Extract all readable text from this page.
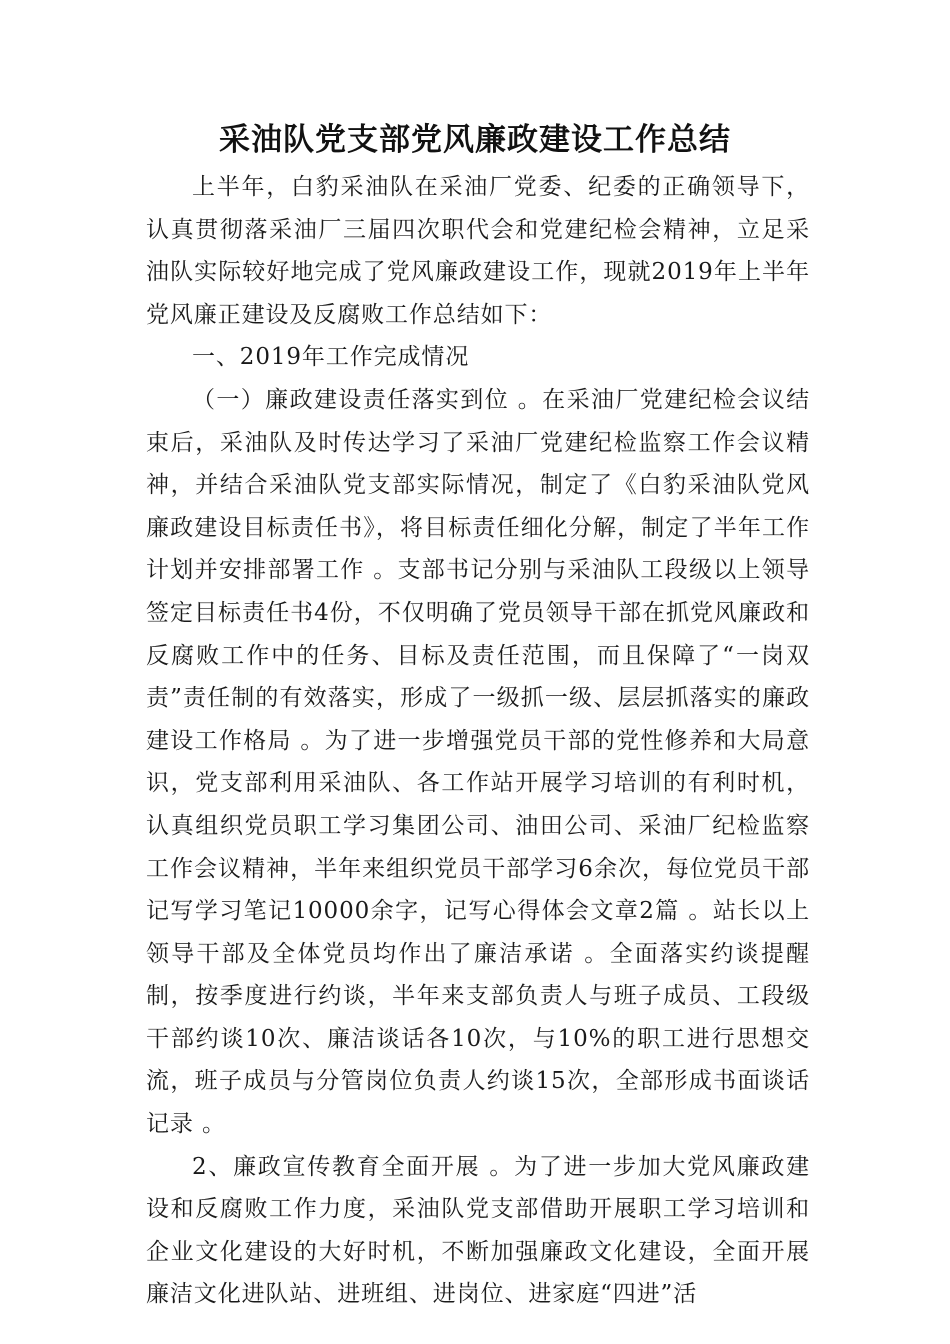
采油队党支部党风廉政建设工作总结

上半年，白豹采油队在采油厂党委、纪委的正确领导下，认真贯彻落采油厂三届四次职代会和党建纪检会精神，立足采油队实际较好地完成了党风廉政建设工作，现就2019年上半年党风廉正建设及反腐败工作总结如下：

一、2019年工作完成情况

（一）廉政建设责任落实到位 。在采油厂党建纪检会议结束后，采油队及时传达学习了采油厂党建纪检监察工作会议精神，并结合采油队党支部实际情况，制定了《白豹采油队党风廉政建设目标责任书》，将目标责任细化分解，制定了半年工作计划并安排部署工作 。支部书记分别与采油队工段级以上领导签定目标责任书4份，不仅明确了党员领导干部在抓党风廉政和反腐败工作中的任务、目标及责任范围，而且保障了“一岗双责”责任制的有效落实，形成了一级抓一级、层层抓落实的廉政建设工作格局 。为了进一步增强党员干部的党性修养和大局意识，党支部利用采油队、各工作站开展学习培训的有利时机，认真组织党员职工学习集团公司、油田公司、采油厂纪检监察工作会议精神，半年来组织党员干部学习6余次，每位党员干部记写学习笔记10000余字，记写心得体会文章2篇 。站长以上领导干部及全体党员均作出了廉洁承诺 。全面落实约谈提醒制，按季度进行约谈，半年来支部负责人与班子成员、工段级干部约谈10次、廉洁谈话各10次，与10%的职工进行思想交流，班子成员与分管岗位负责人约谈15次，全部形成书面谈话记录 。

2、廉政宣传教育全面开展 。为了进一步加大党风廉政建设和反腐败工作力度，采油队党支部借助开展职工学习培训和企业文化建设的大好时机，不断加强廉政文化建设，全面开展廉洁文化进队站、进班组、进岗位、进家庭“四进”活
